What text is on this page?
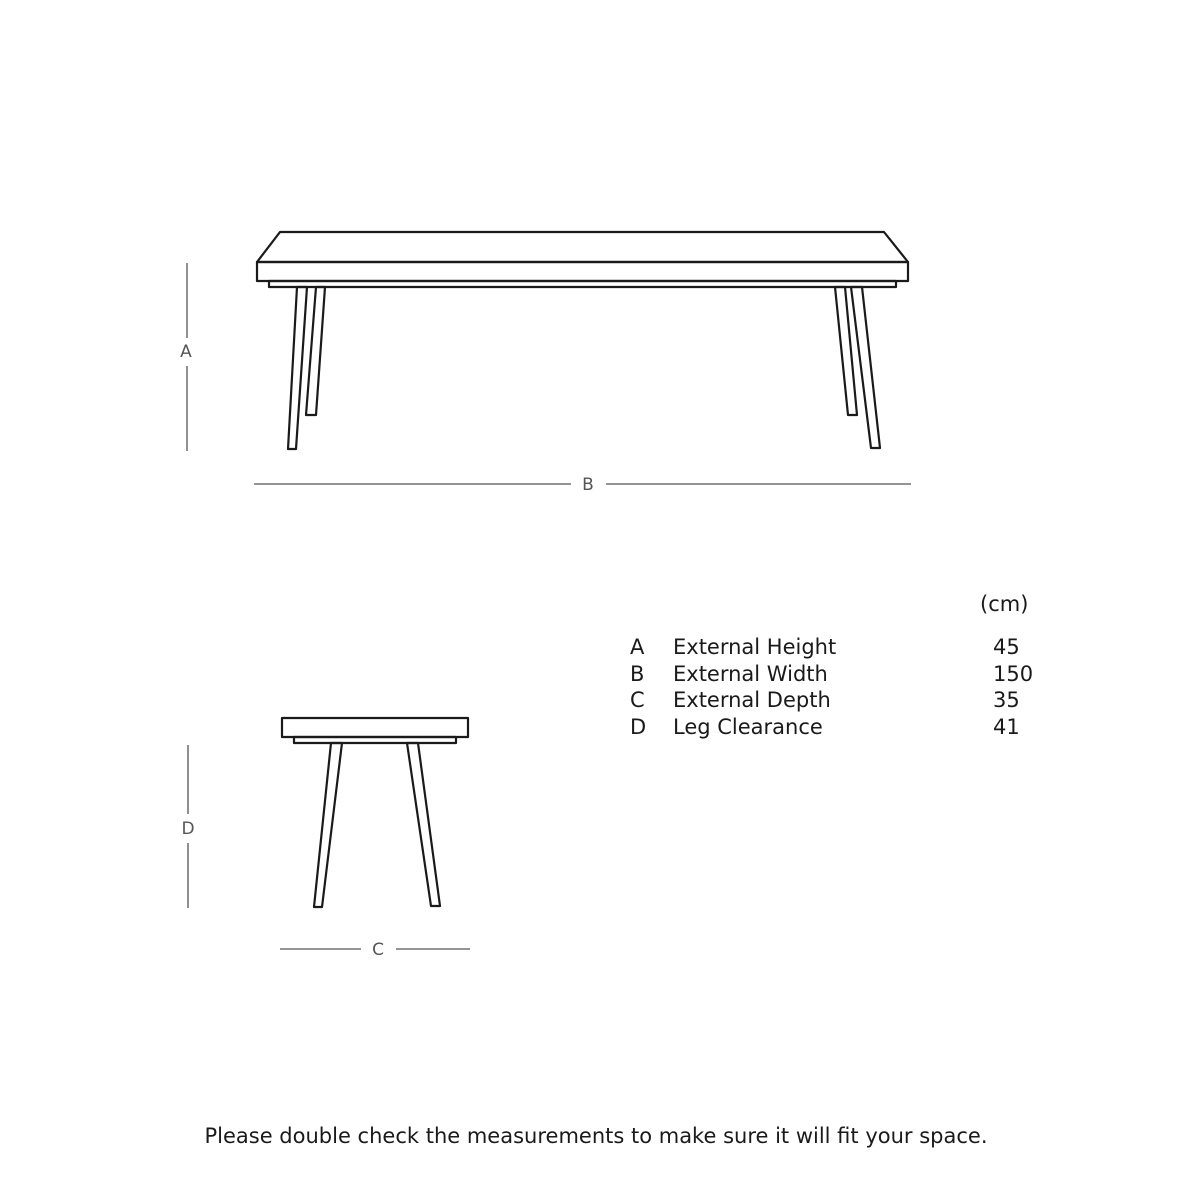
A
B
D
C
(cm)
A External Height	45
B External Width	150
C External Depth	35
D Leg Clearance	41
Please double check the measurements to make sure it will fit your space.
